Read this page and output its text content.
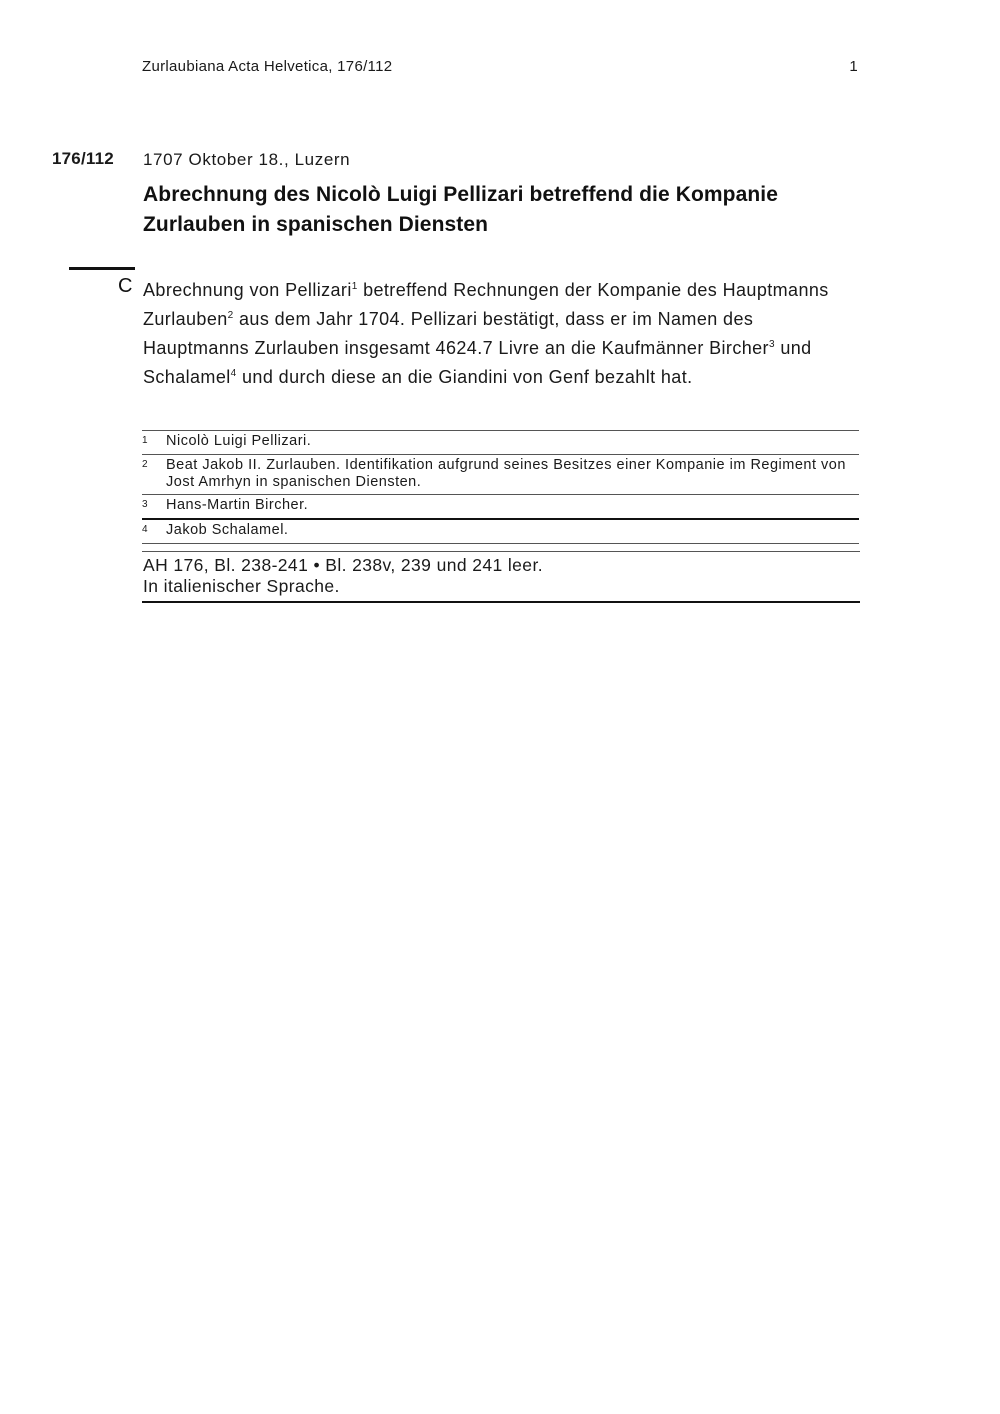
Zurlaubiana Acta Helvetica, 176/112	1
176/112 1707 Oktober 18., Luzern
Abrechnung des Nicolò Luigi Pellizari betreffend die Kompanie Zurlauben in spanischen Diensten
C Abrechnung von Pellizari$^1$ betreffend Rechnungen der Kompanie des Hauptmanns Zurlauben$^2$ aus dem Jahr 1704. Pellizari bestätigt, dass er im Namen des Hauptmanns Zurlauben insgesamt 4624.7 Livre an die Kaufmänner Bircher$^3$ und Schalamel$^4$ und durch diese an die Giandini von Genf bezahlt hat.
1 Nicolò Luigi Pellizari.
2 Beat Jakob II. Zurlauben. Identifikation aufgrund seines Besitzes einer Kompanie im Regiment von Jost Amrhyn in spanischen Diensten.
3 Hans-Martin Bircher.
4 Jakob Schalamel.
AH 176, Bl. 238-241 • Bl. 238v, 239 und 241 leer.
In italienischer Sprache.
